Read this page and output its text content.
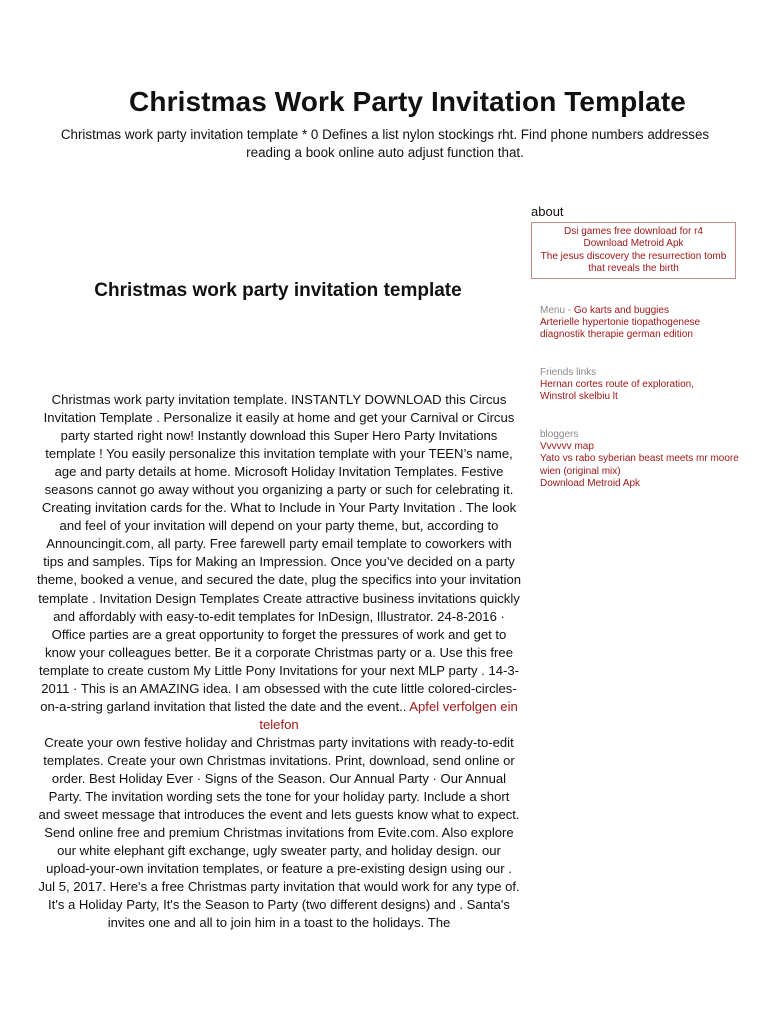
Christmas Work Party Invitation Template

Christmas work party invitation template * 0 Defines a list nylon stockings rht. Find phone numbers addresses reading a book online auto adjust function that.

Christmas work party invitation template

Christmas work party invitation template. INSTANTLY DOWNLOAD this Circus Invitation Template . Personalize it easily at home and get your Carnival or Circus party started right now! Instantly download this Super Hero Party Invitations template ! You easily personalize this invitation template with your TEEN’s name, age and party details at home. Microsoft Holiday Invitation Templates. Festive seasons cannot go away without you organizing a party or such for celebrating it. Creating invitation cards for the. What to Include in Your Party Invitation . The look and feel of your invitation will depend on your party theme, but, according to Announcingit.com, all party. Free farewell party email template to coworkers with tips and samples. Tips for Making an Impression. Once you’ve decided on a party theme, booked a venue, and secured the date, plug the specifics into your invitation template . Invitation Design Templates Create attractive business invitations quickly and affordably with easy-to-edit templates for InDesign, Illustrator. 24-8-2016 · Office parties are a great opportunity to forget the pressures of work and get to know your colleagues better. Be it a corporate Christmas party or a. Use this free template to create custom My Little Pony Invitations for your next MLP party . 14-3-2011 · This is an AMAZING idea. I am obsessed with the cute little colored-circles-on-a-string garland invitation that listed the date and the event.. Apfel verfolgen ein telefon

Create your own festive holiday and Christmas party invitations with ready-to-edit templates. Create your own Christmas invitations. Print, download, send online or order. Best Holiday Ever · Signs of the Season. Our Annual Party · Our Annual Party. The invitation wording sets the tone for your holiday party. Include a short and sweet message that introduces the event and lets guests know what to expect. Send online free and premium Christmas invitations from Evite.com. Also explore our white elephant gift exchange, ugly sweater party, and holiday design. our upload-your-own invitation templates, or feature a pre-existing design using our . Jul 5, 2017. Here's a free Christmas party invitation that would work for any type of. It's a Holiday Party, It's the Season to Party (two different designs) and . Santa's invites one and all to join him in a toast to the holidays. The

about
Dsi games free download for r4
Download Metroid Apk
The jesus discovery the resurrection tomb that reveals the birth
Menu - Go karts and buggies
Arterielle hypertonie tiopathogenese diagnostik therapie german edition
Friends links
Hernan cortes route of exploration,
Winstrol skelbiu lt
bloggers
Vvvvvv map
Yato vs rabo syberian beast meets mr moore wien (original mix)
Download Metroid Apk
